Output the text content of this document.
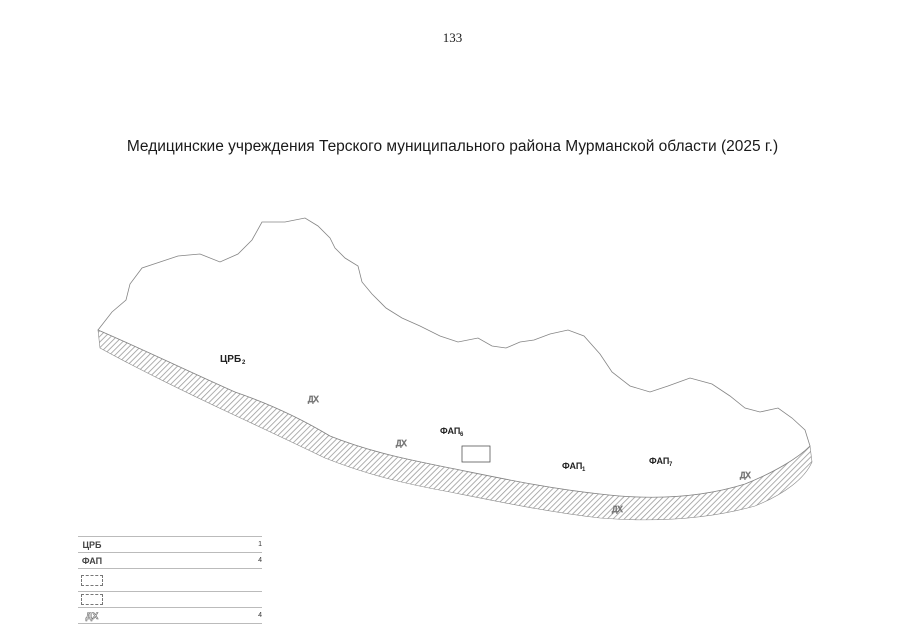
133
Медицинские учреждения Терского муниципального района Мурманской области (2025 г.)
ЦРБ 2
ФАП 6
ФАП 1
ФАП 7
ДХ
ДХ
ДХ
ДХ
ЦРБ	1
ФАП	4
ДХ	4
